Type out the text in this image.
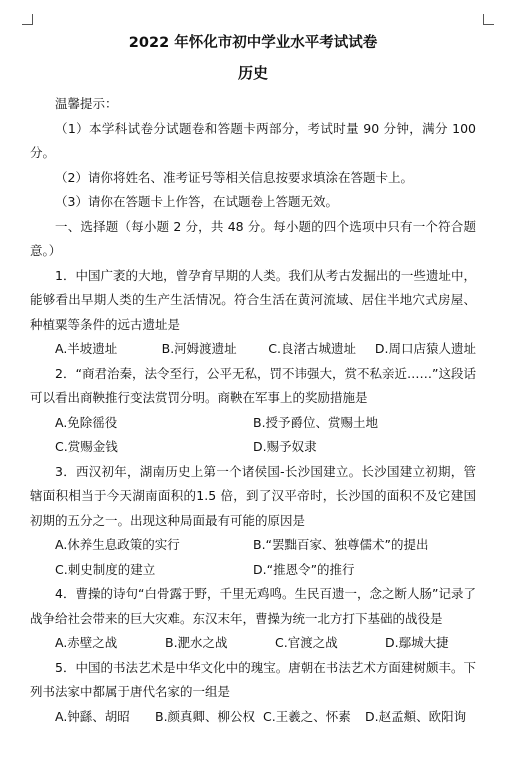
2022 年怀化市初中学业水平考试试卷
历史

温馨提示：

（1）本学科试卷分试题卷和答题卡两部分，考试时量 90 分钟，满分 100 分。

（2）请你将姓名、准考证号等相关信息按要求填涂在答题卡上。

（3）请你在答题卡上作答，在试题卷上答题无效。

一、选择题（每小题 2 分，共 48 分。每小题的四个选项中只有一个符合题意。）

1．中国广袤的大地，曾孕育早期的人类。我们从考古发掘出的一些遗址中，能够看出早期人类的生产生活情况。符合生活在黄河流域、居住半地穴式房屋、种植粟等条件的远古遗址是

A.半坡遗址	B.河姆渡遗址	C.良渚古城遗址	D.周口店猿人遗址

2．“商君治秦，法令至行，公平无私，罚不讳强大，赏不私亲近……”这段话可以看出商鞅推行变法赏罚分明。商鞅在军事上的奖励措施是

A.免除徭役	B.授予爵位、赏赐土地
C.赏赐金钱	D.赐予奴隶

3．西汉初年，湖南历史上第一个诸侯国-长沙国建立。长沙国建立初期，管辖面积相当于今天湖南面积的1.5 倍，到了汉平帝时，长沙国的面积不及它建国初期的五分之一。出现这种局面最有可能的原因是

A.休养生息政策的实行	B.“罢黜百家、独尊儒术”的提出
C.刺史制度的建立	D.“推恩令”的推行

4．曹操的诗句“白骨露于野，千里无鸡鸣。生民百遗一，念之断人肠”记录了战争给社会带来的巨大灾难。东汉末年，曹操为统一北方打下基础的战役是

A.赤壁之战	B.淝水之战	C.官渡之战	D.鄢城大捷

5．中国的书法艺术是中华文化中的瑰宝。唐朝在书法艺术方面建树颇丰。下列书法家中都属于唐代名家的一组是

A.钟繇、胡昭	B.颜真卿、柳公权 C.王羲之、怀素	D.赵孟頫、欧阳询
